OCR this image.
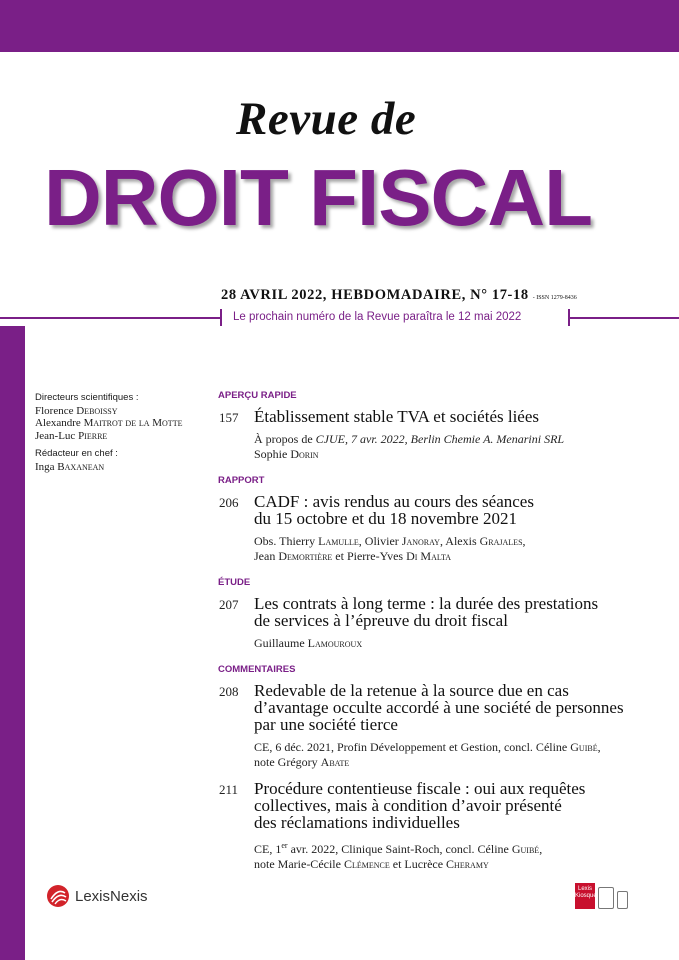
Revue de
DROIT FISCAL
28 AVRIL 2022, HEBDOMADAIRE, N° 17-18 - ISSN 1279-8436
Le prochain numéro de la Revue paraîtra le 12 mai 2022
Directeurs scientifiques :
Florence Deboissy
Alexandre Maitrot de la Motte
Jean-Luc Pierre
Rédacteur en chef :
Inga Baxanean
APERÇU RAPIDE
157 Établissement stable TVA et sociétés liées
À propos de CJUE, 7 avr. 2022, Berlin Chemie A. Menarini SRL
Sophie Dorin
RAPPORT
206 CADF : avis rendus au cours des séances
du 15 octobre et du 18 novembre 2021
Obs. Thierry Lamulle, Olivier Janoray, Alexis Grajales,
Jean Demortière et Pierre-Yves Di Malta
ÉTUDE
207 Les contrats à long terme : la durée des prestations
de services à l’épreuve du droit fiscal
Guillaume Lamouroux
COMMENTAIRES
208 Redevable de la retenue à la source due en cas
d’avantage occulte accordé à une société de personnes
par une société tierce
CE, 6 déc. 2021, Profin Développement et Gestion, concl. Céline Guibé,
note Grégory Abate
211 Procédure contentieuse fiscale : oui aux requêtes
collectives, mais à condition d’avoir présenté
des réclamations individuelles
CE, 1er avr. 2022, Clinique Saint-Roch, concl. Céline Guibé,
note Marie-Cécile Clémence et Lucrèce Cheramy
LexisNexis	Lexis
Kiosque
